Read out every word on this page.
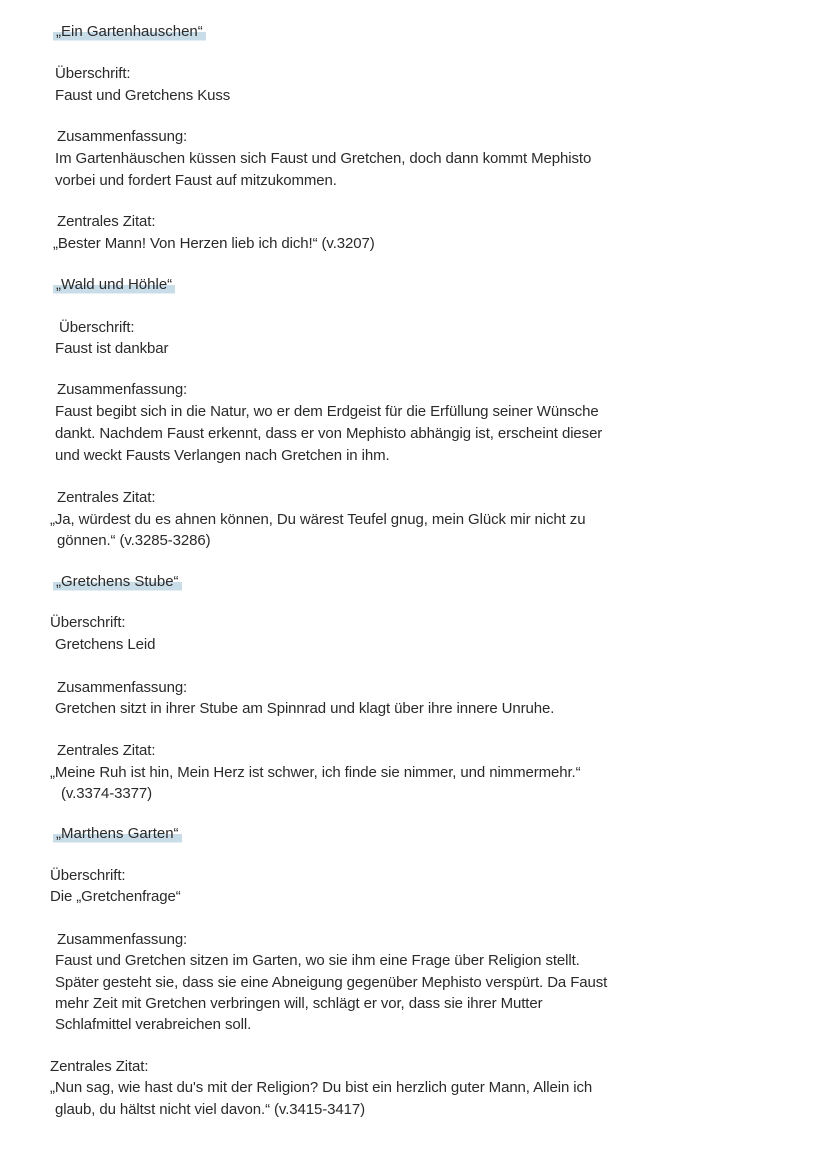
„Ein Gartenhauschen“
Überschrift:
Faust und Gretchens Kuss
Zusammenfassung:
Im Gartenhäuschen küssen sich Faust und Gretchen, doch dann kommt Mephisto
vorbei und fordert Faust auf mitzukommen.
Zentrales Zitat:
„Bester Mann! Von Herzen lieb ich dich!“ (v.3207)
„Wald und Höhle“
Überschrift:
Faust ist dankbar
Zusammenfassung:
Faust begibt sich in die Natur, wo er dem Erdgeist für die Erfüllung seiner Wünsche
dankt. Nachdem Faust erkennt, dass er von Mephisto abhängig ist, erscheint dieser
und weckt Fausts Verlangen nach Gretchen in ihm.
Zentrales Zitat:
„Ja, würdest du es ahnen können, Du wärest Teufel gnug, mein Glück mir nicht zu
gönnen.“ (v.3285-3286)
„Gretchens Stube“
Überschrift:
Gretchens Leid
Zusammenfassung:
Gretchen sitzt in ihrer Stube am Spinnrad und klagt über ihre innere Unruhe.
Zentrales Zitat:
„Meine Ruh ist hin, Mein Herz ist schwer, ich finde sie nimmer, und nimmermehr.“
(v.3374-3377)
„Marthens Garten“
Überschrift:
Die „Gretchenfrage“
Zusammenfassung:
Faust und Gretchen sitzen im Garten, wo sie ihm eine Frage über Religion stellt.
Später gesteht sie, dass sie eine Abneigung gegenüber Mephisto verspürt. Da Faust
mehr Zeit mit Gretchen verbringen will, schlägt er vor, dass sie ihrer Mutter
Schlafmittel verabreichen soll.
Zentrales Zitat:
„Nun sag, wie hast du's mit der Religion? Du bist ein herzlich guter Mann, Allein ich
glaub, du hältst nicht viel davon.“ (v.3415-3417)
